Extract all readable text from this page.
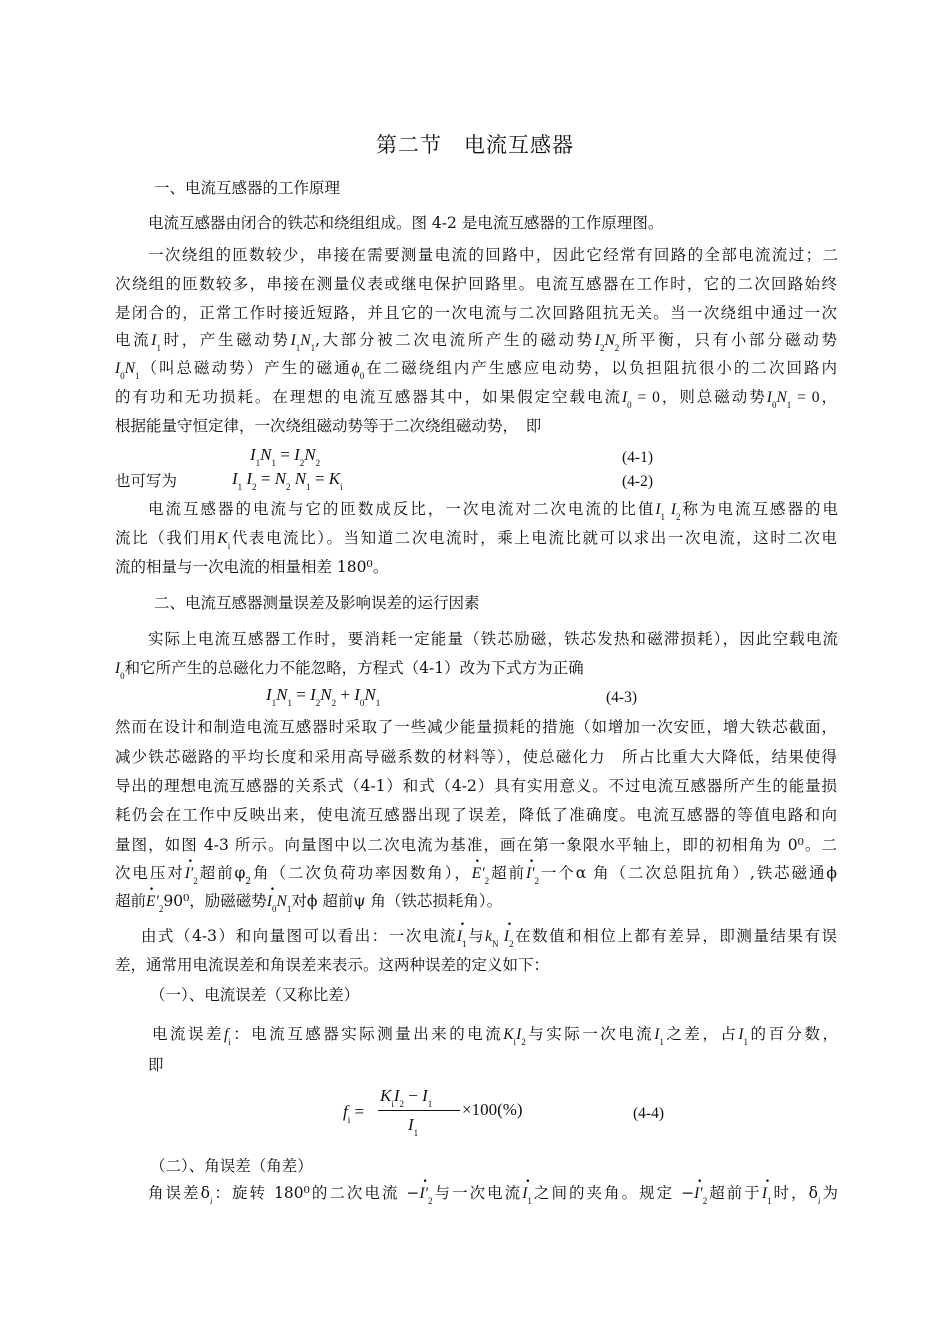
第二节　电流互感器
一、电流互感器的工作原理
电流互感器由闭合的铁芯和绕组组成。图 4-2 是电流互感器的工作原理图。
一次绕组的匝数较少，串接在需要测量电流的回路中，因此它经常有回路的全部电流流过；二
次绕组的匝数较多，串接在测量仪表或继电保护回路里。电流互感器在工作时，它的二次回路始终
是闭合的，正常工作时接近短路，并且它的一次电流与二次回路阻抗无关。当一次绕组中通过一次
电流$I_1$时，产生磁动势$I_1N_1$,大部分被二次电流所产生的磁动势$I_2N_2$所平衡，只有小部分磁动势
$I_0N_1$（叫总磁动势）产生的磁通$\phi_0$在二磁绕组内产生感应电动势，以负担阻抗很小的二次回路内
的有功和无功损耗。在理想的电流互感器其中，如果假定空载电流$I_0 = 0$，则总磁动势$I_0N_1 = 0$，
根据能量守恒定律，一次绕组磁动势等于二次绕组磁动势，　即
$I_1N_1 = I_2N_2$	(4-1)
也可写为	$I_1$ $I_2 = N_2$ $N_1 = K_i$	(4-2)
电流互感器的电流与它的匝数成反比，一次电流对二次电流的比值$I_1$ $I_2$称为电流互感器的电
流比（我们用$K_i$代表电流比）。当知道二次电流时，乘上电流比就可以求出一次电流，这时二次电
流的相量与一次电流的相量相差 180⁰。
二、电流互感器测量误差及影响误差的运行因素
实际上电流互感器工作时，要消耗一定能量（铁芯励磁，铁芯发热和磁滞损耗），因此空载电流
$I_0$和它所产生的总磁化力不能忽略，方程式（4-1）改为下式方为正确
$I_1N_1 = I_2N_2 + I_0N_1$	(4-3)
然而在设计和制造电流互感器时采取了一些减少能量损耗的措施（如增加一次安匝，增大铁芯截面，
减少铁芯磁路的平均长度和采用高导磁系数的材料等），使总磁化力　所占比重大大降低，结果使得
导出的理想电流互感器的关系式（4-1）和式（4-2）具有实用意义。不过电流互感器所产生的能量损
耗仍会在工作中反映出来，使电流互感器出现了误差，降低了准确度。电流互感器的等值电路和向
量图，如图 4-3 所示。向量图中以二次电流为基准，画在第一象限水平轴上，即的初相角为 0⁰。二
次电压对· $I'_2$超前$\varphi_2$角（二次负荷功率因数角），· $E'_2$超前· $I'_2$一个α 角（二次总阻抗角）,铁芯磁通ϕ
超前· $E'_290^0$，励磁磁势· $I_0N_1$对ϕ 超前ψ 角（铁芯损耗角）。
由式（4-3）和向量图可以看出：一次电流· $I_1$与$k_N \cdot I_2$在数值和相位上都有差异，即测量结果有误
差，通常用电流误差和角误差来表示。这两种误差的定义如下：
（一）、电流误差（又称比差）
电流误差$f_i$：电流互感器实际测量出来的电流$K_iI_2$与实际一次电流$I_1$之差，占$I_1$的百分数，
即
$f_i$ =
$K_iI_2 - I_1$
$I_1$
×100(%)	(4-4)
（二）、角误差（角差）
角误差$\delta_i$：旋转 180⁰的二次电流 −· $I'_2$与一次电流· $I_1$之间的夹角。规定 −· $I'_2$超前于· $I_1$时，$\delta_i$为
